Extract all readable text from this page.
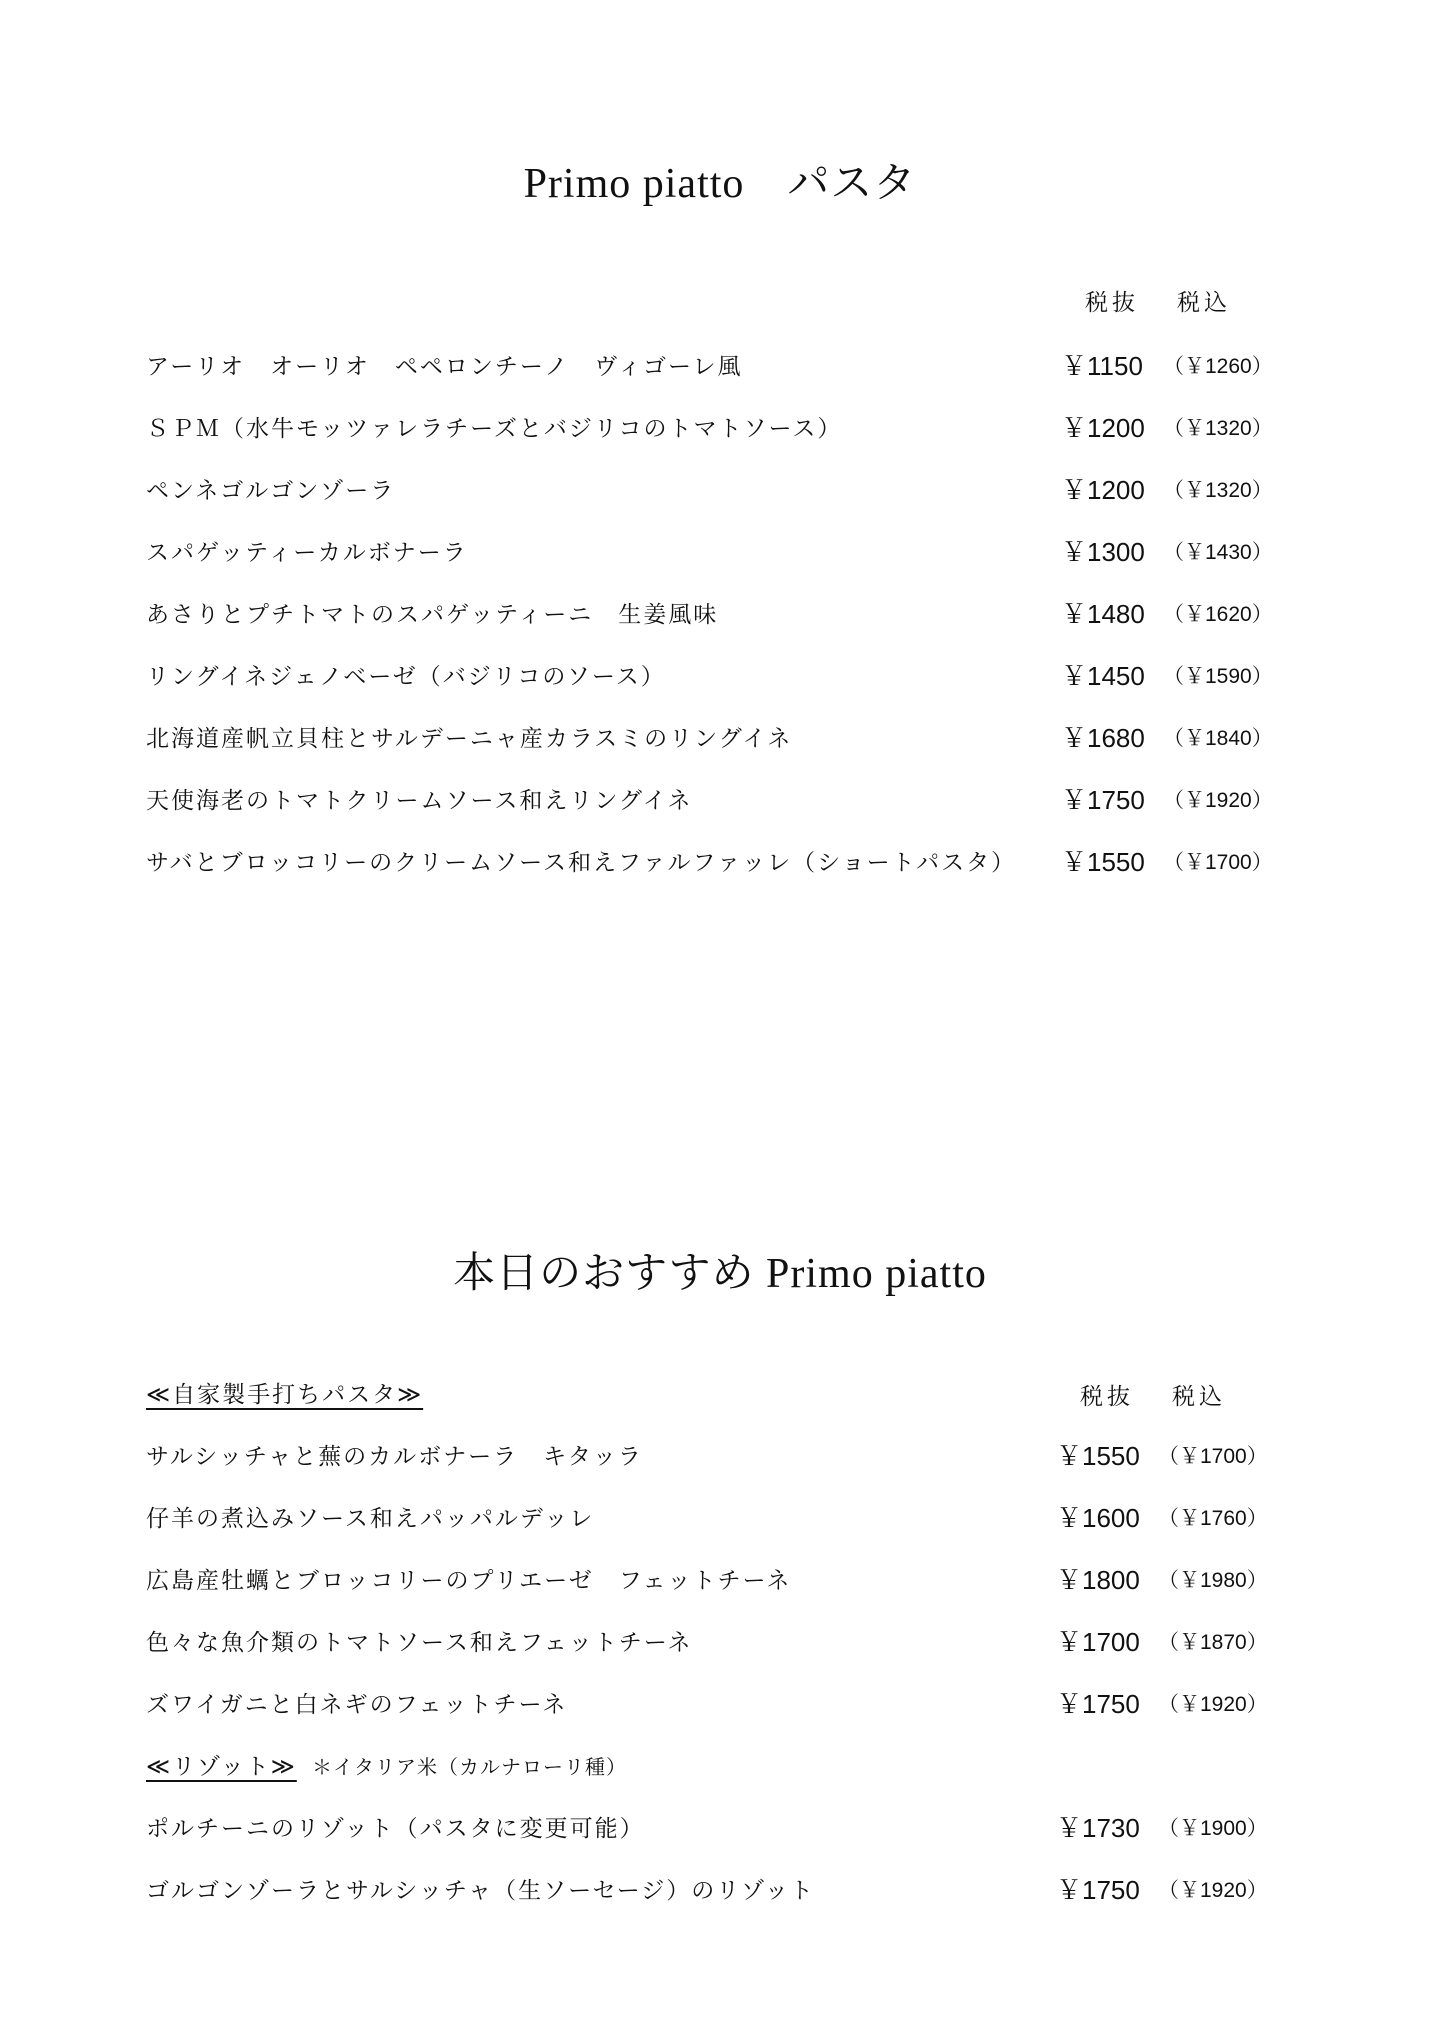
Primo piatto　パスタ
税抜 税込
アーリオ　オーリオ　ペペロンチーノ　ヴィゴーレ風	￥1150 （￥1260）
ＳＰＭ（水牛モッツァレラチーズとバジリコのトマトソース）	￥1200 （￥1320）
ペンネゴルゴンゾーラ	￥1200 （￥1320）
スパゲッティーカルボナーラ	￥1300 （￥1430）
あさりとプチトマトのスパゲッティーニ　生姜風味	￥1480 （￥1620）
リングイネジェノベーゼ（バジリコのソース）	￥1450 （￥1590）
北海道産帆立貝柱とサルデーニャ産カラスミのリングイネ	￥1680 （￥1840）
天使海老のトマトクリームソース和えリングイネ	￥1750 （￥1920）
サバとブロッコリーのクリームソース和えファルファッレ（ショートパスタ） ￥1550 （￥1700）
本日のおすすめ Primo piatto
税抜 税込
≪自家製手打ちパスタ≫
サルシッチャと蕪のカルボナーラ　キタッラ	￥1550 （￥1700）
仔羊の煮込みソース和えパッパルデッレ	￥1600 （￥1760）
広島産牡蠣とブロッコリーのプリエーゼ　フェットチーネ	￥1800 （￥1980）
色々な魚介類のトマトソース和えフェットチーネ	￥1700 （￥1870）
ズワイガニと白ネギのフェットチーネ	￥1750 （￥1920）
≪リゾット≫ ＊イタリア米（カルナローリ種）
ポルチーニのリゾット（パスタに変更可能）	￥1730 （￥1900）
ゴルゴンゾーラとサルシッチャ（生ソーセージ）のリゾット	￥1750 （￥1920）
